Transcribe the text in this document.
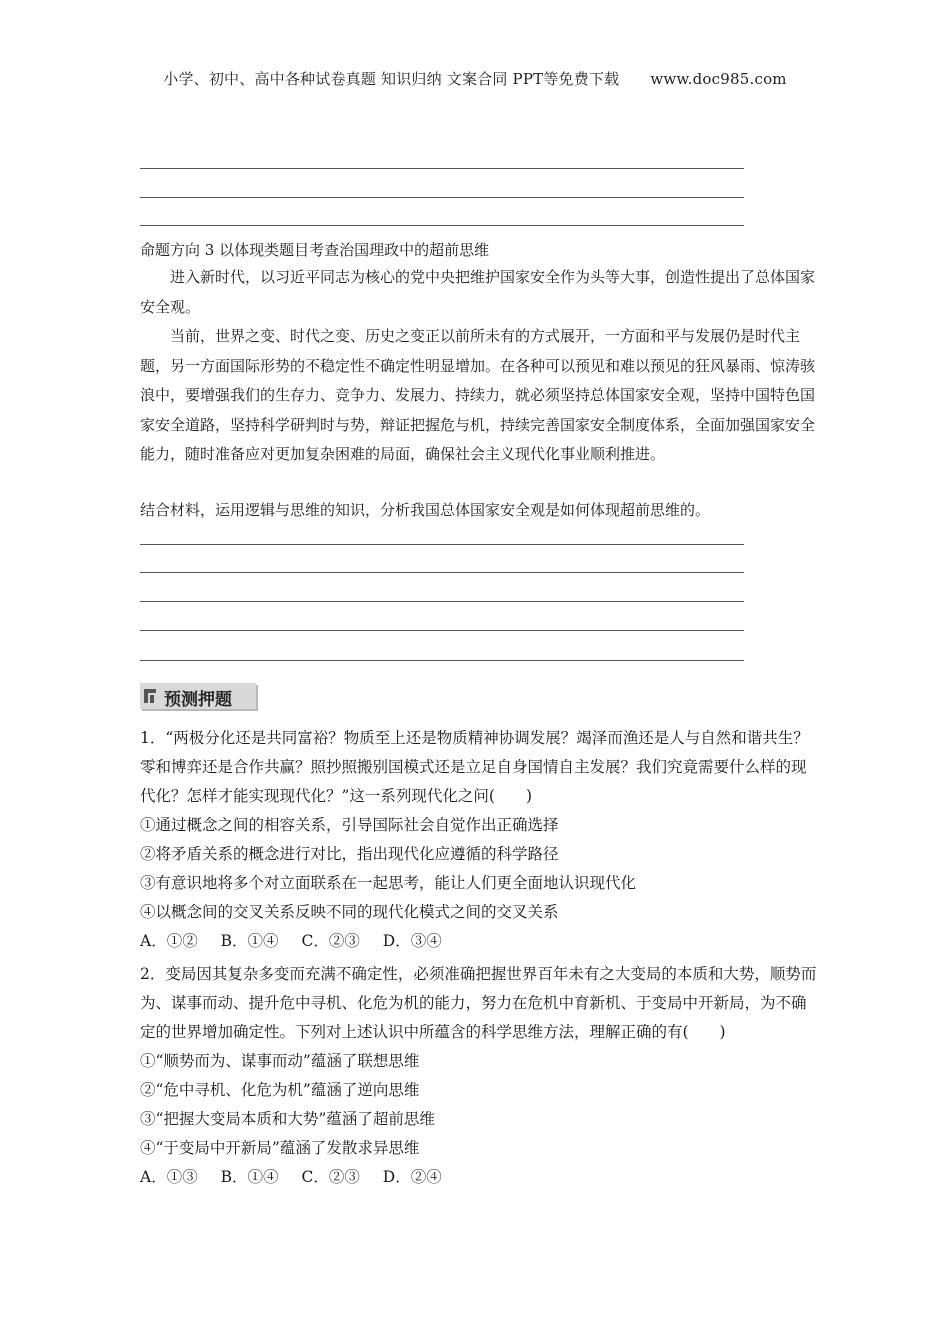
小学、初中、高中各种试卷真题 知识归纳 文案合同 PPT等免费下载 www.doc985.com
命题方向 3 以体现类题目考查治国理政中的超前思维

进入新时代，以习近平同志为核心的党中央把维护国家安全作为头等大事，创造性提出了总体国家安全观。

当前，世界之变、时代之变、历史之变正以前所未有的方式展开，一方面和平与发展仍是时代主题，另一方面国际形势的不稳定性不确定性明显增加。在各种可以预见和难以预见的狂风暴雨、惊涛骇浪中，要增强我们的生存力、竞争力、发展力、持续力，就必须坚持总体国家安全观，坚持中国特色国家安全道路，坚持科学研判时与势，辩证把握危与机，持续完善国家安全制度体系，全面加强国家安全能力，随时准备应对更加复杂困难的局面，确保社会主义现代化事业顺利推进。

结合材料，运用逻辑与思维的知识，分析我国总体国家安全观是如何体现超前思维的。
预测押题
1．“两极分化还是共同富裕？物质至上还是物质精神协调发展？竭泽而渔还是人与自然和谐共生？零和博弈还是合作共赢？照抄照搬别国模式还是立足自身国情自主发展？我们究竟需要什么样的现代化？怎样才能实现现代化？”这一系列现代化之问(　　)
①通过概念之间的相容关系，引导国际社会自觉作出正确选择
②将矛盾关系的概念进行对比，指出现代化应遵循的科学路径
③有意识地将多个对立面联系在一起思考，能让人们更全面地认识现代化
④以概念间的交叉关系反映不同的现代化模式之间的交叉关系
A．①② B．①④ C．②③ D．③④
2．变局因其复杂多变而充满不确定性，必须准确把握世界百年未有之大变局的本质和大势，顺势而为、谋事而动、提升危中寻机、化危为机的能力，努力在危机中育新机、于变局中开新局，为不确定的世界增加确定性。下列对上述认识中所蕴含的科学思维方法，理解正确的有(　　)
①“顺势而为、谋事而动”蕴涵了联想思维
②“危中寻机、化危为机”蕴涵了逆向思维
③“把握大变局本质和大势”蕴涵了超前思维
④“于变局中开新局”蕴涵了发散求异思维
A．①③ B．①④ C．②③ D．②④
